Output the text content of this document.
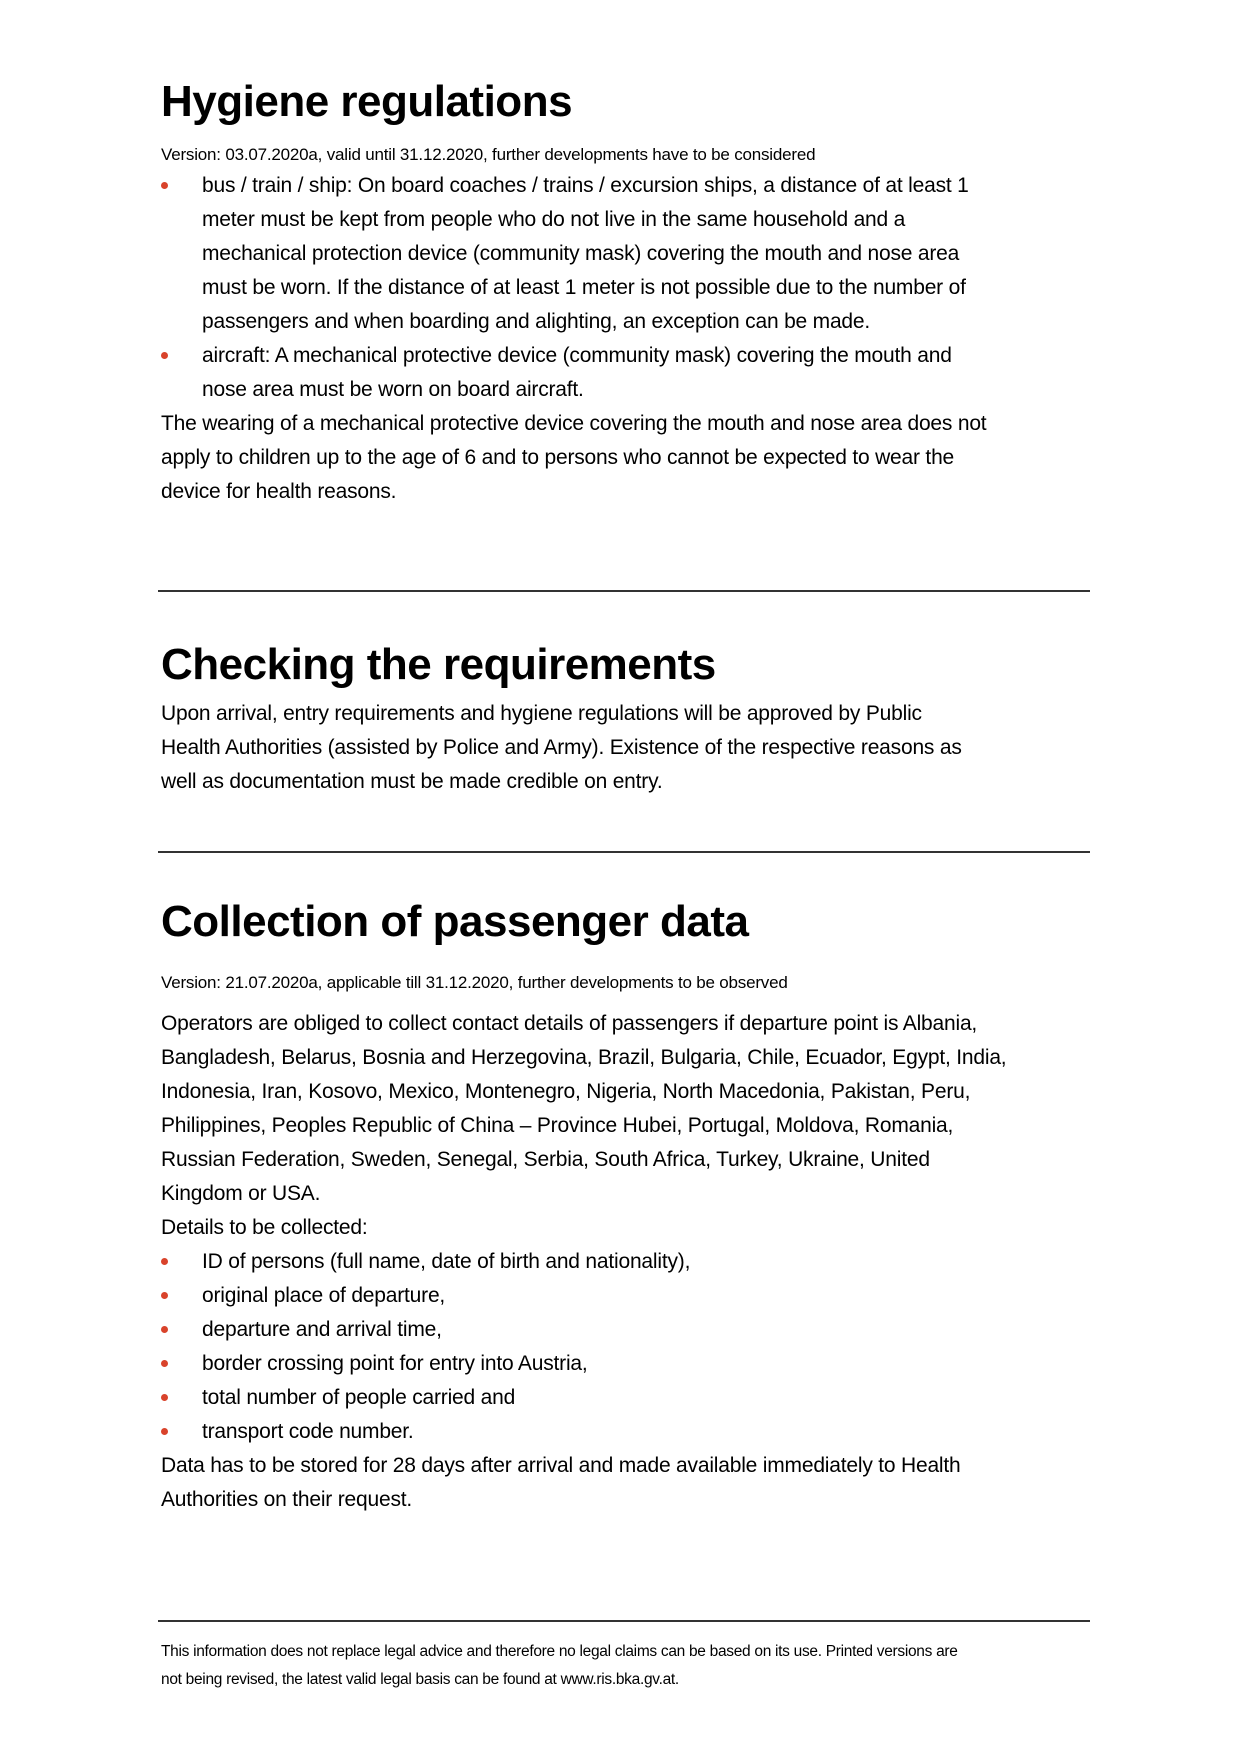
Hygiene regulations
Version: 03.07.2020a, valid until 31.12.2020, further developments have to be considered
bus / train / ship: On board coaches / trains / excursion ships, a distance of at least 1
meter must be kept from people who do not live in the same household and a
mechanical protection device (community mask) covering the mouth and nose area
must be worn. If the distance of at least 1 meter is not possible due to the number of
passengers and when boarding and alighting, an exception can be made.
aircraft: A mechanical protective device (community mask) covering the mouth and
nose area must be worn on board aircraft.
The wearing of a mechanical protective device covering the mouth and nose area does not
apply to children up to the age of 6 and to persons who cannot be expected to wear the
device for health reasons.
Checking the requirements
Upon arrival, entry requirements and hygiene regulations will be approved by Public
Health Authorities (assisted by Police and Army). Existence of the respective reasons as
well as documentation must be made credible on entry.
Collection of passenger data
Version: 21.07.2020a, applicable till 31.12.2020, further developments to be observed
Operators are obliged to collect contact details of passengers if departure point is Albania,
Bangladesh, Belarus, Bosnia and Herzegovina, Brazil, Bulgaria, Chile, Ecuador, Egypt, India,
Indonesia, Iran, Kosovo, Mexico, Montenegro, Nigeria, North Macedonia, Pakistan, Peru,
Philippines, Peoples Republic of China – Province Hubei, Portugal, Moldova, Romania,
Russian Federation, Sweden, Senegal, Serbia, South Africa, Turkey, Ukraine, United
Kingdom or USA.
Details to be collected:
ID of persons (full name, date of birth and nationality),
original place of departure,
departure and arrival time,
border crossing point for entry into Austria,
total number of people carried and
transport code number.
Data has to be stored for 28 days after arrival and made available immediately to Health
Authorities on their request.
This information does not replace legal advice and therefore no legal claims can be based on its use. Printed versions are
not being revised, the latest valid legal basis can be found at www.ris.bka.gv.at.
